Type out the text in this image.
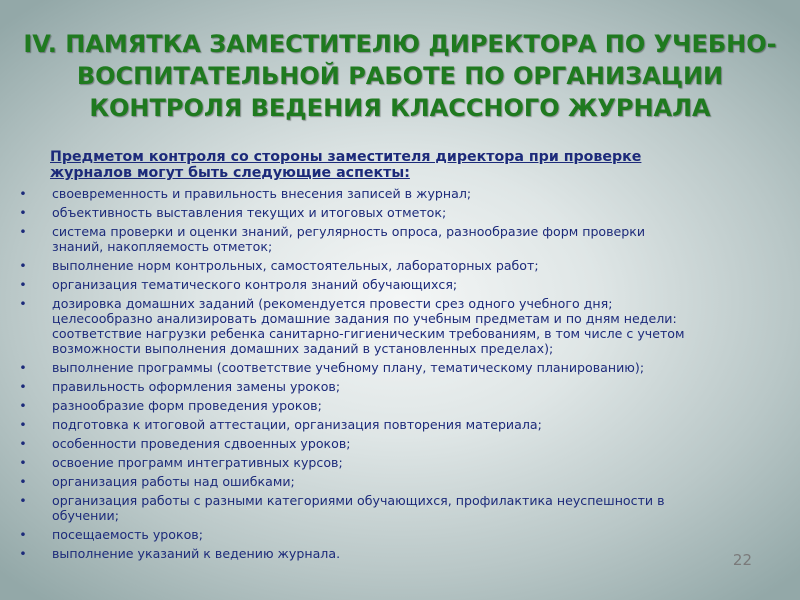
IV. ПАМЯТКА ЗАМЕСТИТЕЛЮ ДИРЕКТОРА ПО УЧЕБНО-
ВОСПИТАТЕЛЬНОЙ РАБОТЕ ПО ОРГАНИЗАЦИИ
КОНТРОЛЯ ВЕДЕНИЯ КЛАССНОГО ЖУРНАЛА

Предметом контроля со стороны заместителя директора при проверке
журналов могут быть следующие аспекты:

• своевременность и правильность внесения записей в журнал;
• объективность выставления текущих и итоговых отметок;
• система проверки и оценки знаний, регулярность опроса, разнообразие форм проверки
знаний, накопляемость отметок;
• выполнение норм контрольных, самостоятельных, лабораторных работ;
• организация тематического контроля знаний обучающихся;
• дозировка домашних заданий (рекомендуется провести срез одного учебного дня;
целесообразно анализировать домашние задания по учебным предметам и по дням недели:
соответствие нагрузки ребенка санитарно-гигиеническим требованиям, в том числе с учетом
возможности выполнения домашних заданий в установленных пределах);
• выполнение программы (соответствие учебному плану, тематическому планированию);
• правильность оформления замены уроков;
• разнообразие форм проведения уроков;
• подготовка к итоговой аттестации, организация повторения материала;
• особенности проведения сдвоенных уроков;
• освоение программ интегративных курсов;
• организация работы над ошибками;
• организация работы с разными категориями обучающихся, профилактика неуспешности в
обучении;
• посещаемость уроков;
• выполнение указаний к ведению журнала.	22
